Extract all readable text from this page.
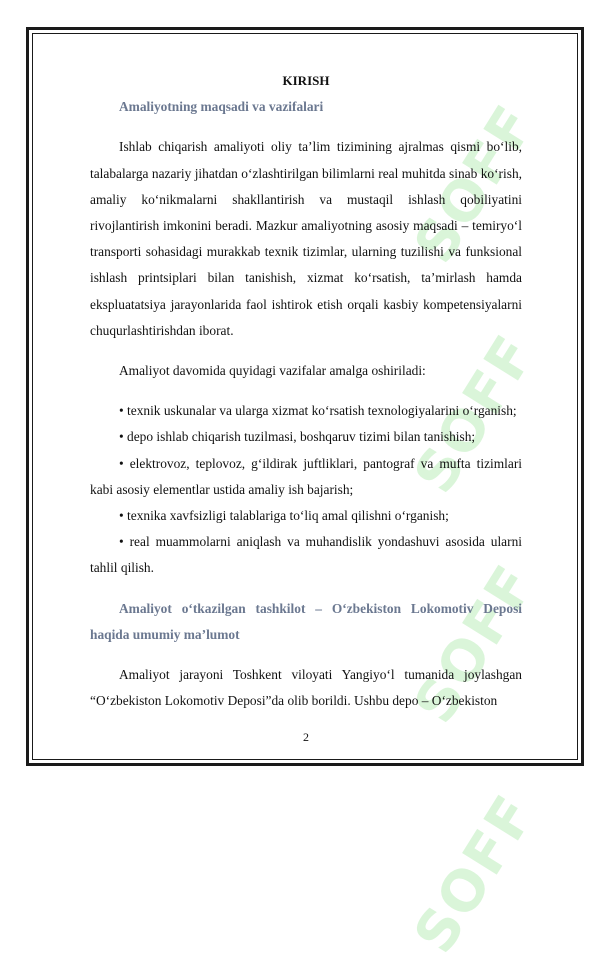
SOFF
SOFF
SOFF
SOFF
KIRISH
Amaliyotning maqsadi va vazifalari
Ishlab chiqarish amaliyoti oliy ta’lim tizimining ajralmas qismi bo‘lib, talabalarga nazariy jihatdan o‘zlashtirilgan bilimlarni real muhitda sinab ko‘rish, amaliy ko‘nikmalarni shakllantirish va mustaqil ishlash qobiliyatini rivojlantirish imkonini beradi. Mazkur amaliyotning asosiy maqsadi – temiryo‘l transporti sohasidagi murakkab texnik tizimlar, ularning tuzilishi va funksional ishlash printsiplari bilan tanishish, xizmat ko‘rsatish, ta’mirlash hamda ekspluatatsiya jarayonlarida faol ishtirok etish orqali kasbiy kompetensiyalarni chuqurlashtirishdan iborat.
Amaliyot davomida quyidagi vazifalar amalga oshiriladi:
• texnik uskunalar va ularga xizmat ko‘rsatish texnologiyalarini o‘rganish;
• depo ishlab chiqarish tuzilmasi, boshqaruv tizimi bilan tanishish;
• elektrovoz, teplovoz, g‘ildirak juftliklari, pantograf va mufta tizimlari kabi asosiy elementlar ustida amaliy ish bajarish;
• texnika xavfsizligi talablariga to‘liq amal qilishni o‘rganish;
• real muammolarni aniqlash va muhandislik yondashuvi asosida ularni tahlil qilish.
Amaliyot o‘tkazilgan tashkilot – O‘zbekiston Lokomotiv Deposi haqida umumiy ma’lumot
Amaliyot jarayoni Toshkent viloyati Yangiyo‘l tumanida joylashgan “O‘zbekiston Lokomotiv Deposi”da olib borildi. Ushbu depo – O‘zbekiston
2
